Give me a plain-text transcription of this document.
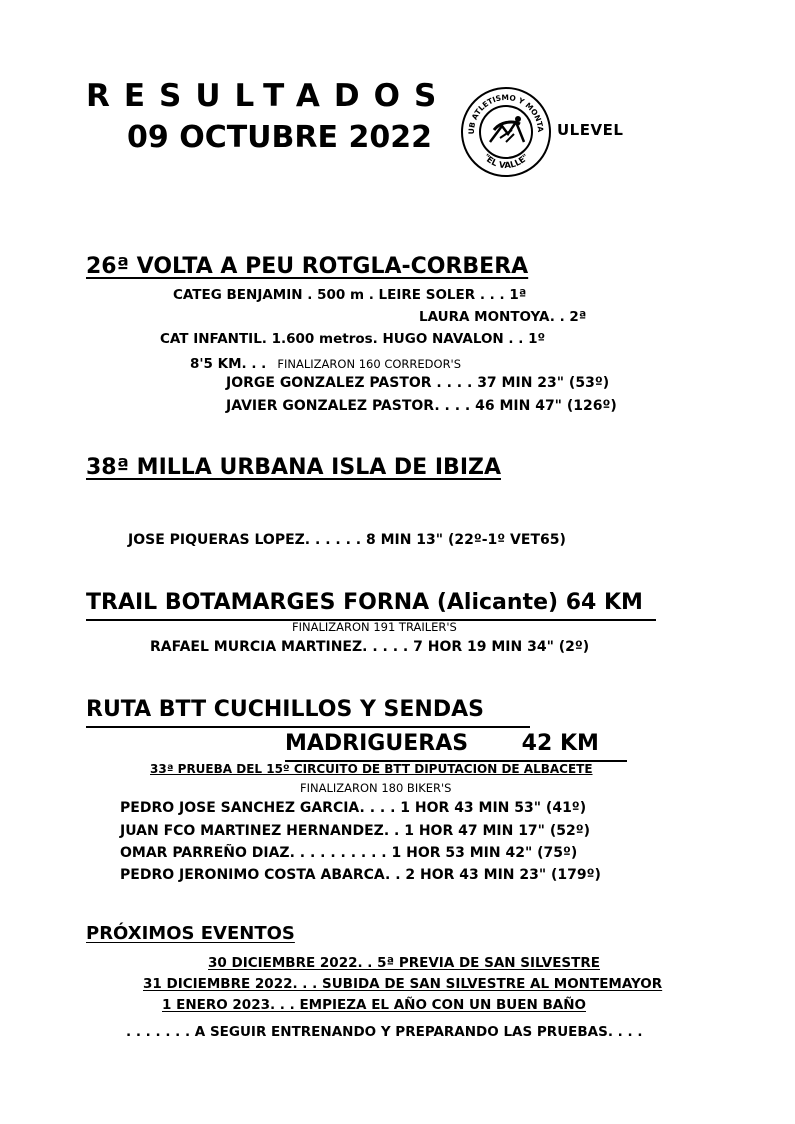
RESULTADOS
09 OCTUBRE 2022	UB ATLETISMO Y MONTA
"EL VALLE"
ULEVEL
26ª VOLTA A PEU ROTGLA-CORBERA
CATEG BENJAMIN . 500 m . LEIRE SOLER . . . 1ª
LAURA MONTOYA. . 2ª
CAT INFANTIL. 1.600 metros. HUGO NAVALON . . 1º
8'5 KM. . . FINALIZARON 160 CORREDOR'S
JORGE GONZALEZ PASTOR . . . . 37 MIN 23" (53º)
JAVIER GONZALEZ PASTOR. . . . 46 MIN 47" (126º)
38ª MILLA URBANA ISLA DE IBIZA
JOSE PIQUERAS LOPEZ. . . . . . 8 MIN 13" (22º-1º VET65)
TRAIL BOTAMARGES FORNA (Alicante) 64 KM
FINALIZARON 191 TRAILER'S
RAFAEL MURCIA MARTINEZ. . . . . 7 HOR 19 MIN 34" (2º)
RUTA BTT CUCHILLOS Y SENDAS
MADRIGUERAS       42 KM
33ª PRUEBA DEL 15º CIRCUITO DE BTT DIPUTACION DE ALBACETE
FINALIZARON 180 BIKER'S
PEDRO JOSE SANCHEZ GARCIA. . . . 1 HOR 43 MIN 53" (41º)
JUAN FCO MARTINEZ HERNANDEZ. . 1 HOR 47 MIN 17" (52º)
OMAR PARREÑO DIAZ. . . . . . . . . . 1 HOR 53 MIN 42" (75º)
PEDRO JERONIMO COSTA ABARCA. . 2 HOR 43 MIN 23" (179º)
PRÓXIMOS EVENTOS
30 DICIEMBRE 2022. . 5ª PREVIA DE SAN SILVESTRE
31 DICIEMBRE 2022. . . SUBIDA DE SAN SILVESTRE AL MONTEMAYOR
1 ENERO 2023. . . EMPIEZA EL AÑO CON UN BUEN BAÑO
. . . . . . . A SEGUIR ENTRENANDO Y PREPARANDO LAS PRUEBAS. . . .
